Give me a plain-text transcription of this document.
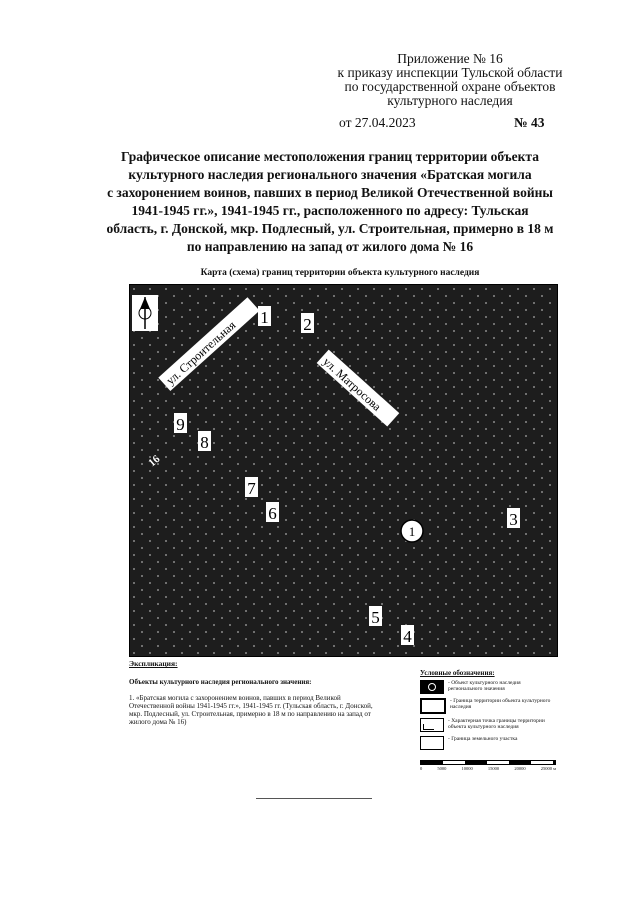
Приложение № 16
к приказу инспекции Тульской области
по государственной охране объектов
культурного наследия
от 27.04.2023	№ 43
Графическое описание местоположения границ территории объекта
культурного наследия регионального значения «Братская могила
с захоронением воинов, павших в период Великой Отечественной войны
1941-1945 гг.», 1941-1945 гг., расположенного по адресу: Тульская
область, г. Донской, мкр. Подлесный, ул. Строительная, примерно в 18 м
по направлению на запад от жилого дома № 16
Карта (схема) границ территории объекта культурного наследия
ул. Строительная	ул. Матросова
16
1
1 2
3
4
5
6
7
8
9
Экспликация:
Объекты культурного наследия регионального значения:
1. «Братская могила с захоронением воинов, павших в период Великой Отечественной войны 1941-1945 гг.», 1941-1945 гг. (Тульская область, г. Донской, мкр. Подлесный, ул. Строительная, примерно в 18 м по направлению на запад от жилого дома № 16)
Условные обозначения:
- Объект культурного наследия регионального значения
- Граница территории объекта культурного наследия
- Характерная точка границы территории объекта культурного наследия
- Граница земельного участка
0	5000	10000	15000	20000	25000 м
